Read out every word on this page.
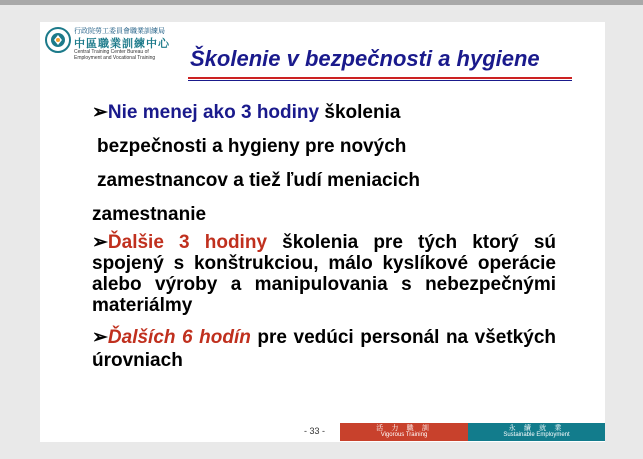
行政院勞工委員會職業訓練局
中區職業訓練中心
Central Training Center Bureau of
Employment and Vocational Training Školenie v bezpečnosti a hygiene
➢Nie menej ako 3 hodiny školenia
bezpečnosti a hygieny pre nových
zamestnancov a tiež ľudí meniacich
zamestnanie
➢Ďalšie 3 hodiny školenia pre tých ktorý sú spojený s konštrukciou, málo kyslíkové operácie alebo výroby a manipulovania s nebezpečnými materiálmy
➢Ďalších 6 hodín pre vedúci personál na všetkých úrovniach
- 33 -	活 力 職 訓
Vigorous Training
永 續 就 業
Sustainable Employment
